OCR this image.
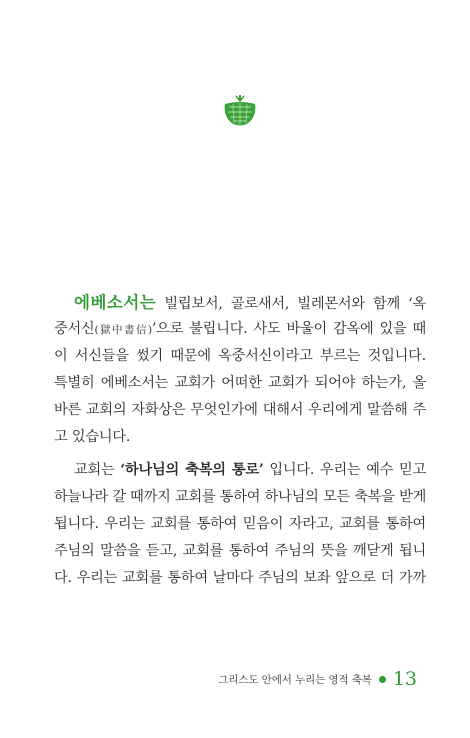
에베소서는 빌립보서, 골로새서, 빌레몬서와 함께 ‘옥
중서신(獄中書信)’으로 불립니다. 사도 바울이 감옥에 있을 때
이 서신들을 썼기 때문에 옥중서신이라고 부르는 것입니다.
특별히 에베소서는 교회가 어떠한 교회가 되어야 하는가, 올
바른 교회의 자화상은 무엇인가에 대해서 우리에게 말씀해 주
고 있습니다.
교회는 ‘하나님의 축복의 통로’ 입니다. 우리는 예수 믿고
하늘나라 갈 때까지 교회를 통하여 하나님의 모든 축복을 받게
됩니다. 우리는 교회를 통하여 믿음이 자라고, 교회를 통하여
주님의 말씀을 듣고, 교회를 통하여 주님의 뜻을 깨닫게 됩니
다. 우리는 교회를 통하여 날마다 주님의 보좌 앞으로 더 가까
그리스도 안에서 누리는 영적 축복 13
